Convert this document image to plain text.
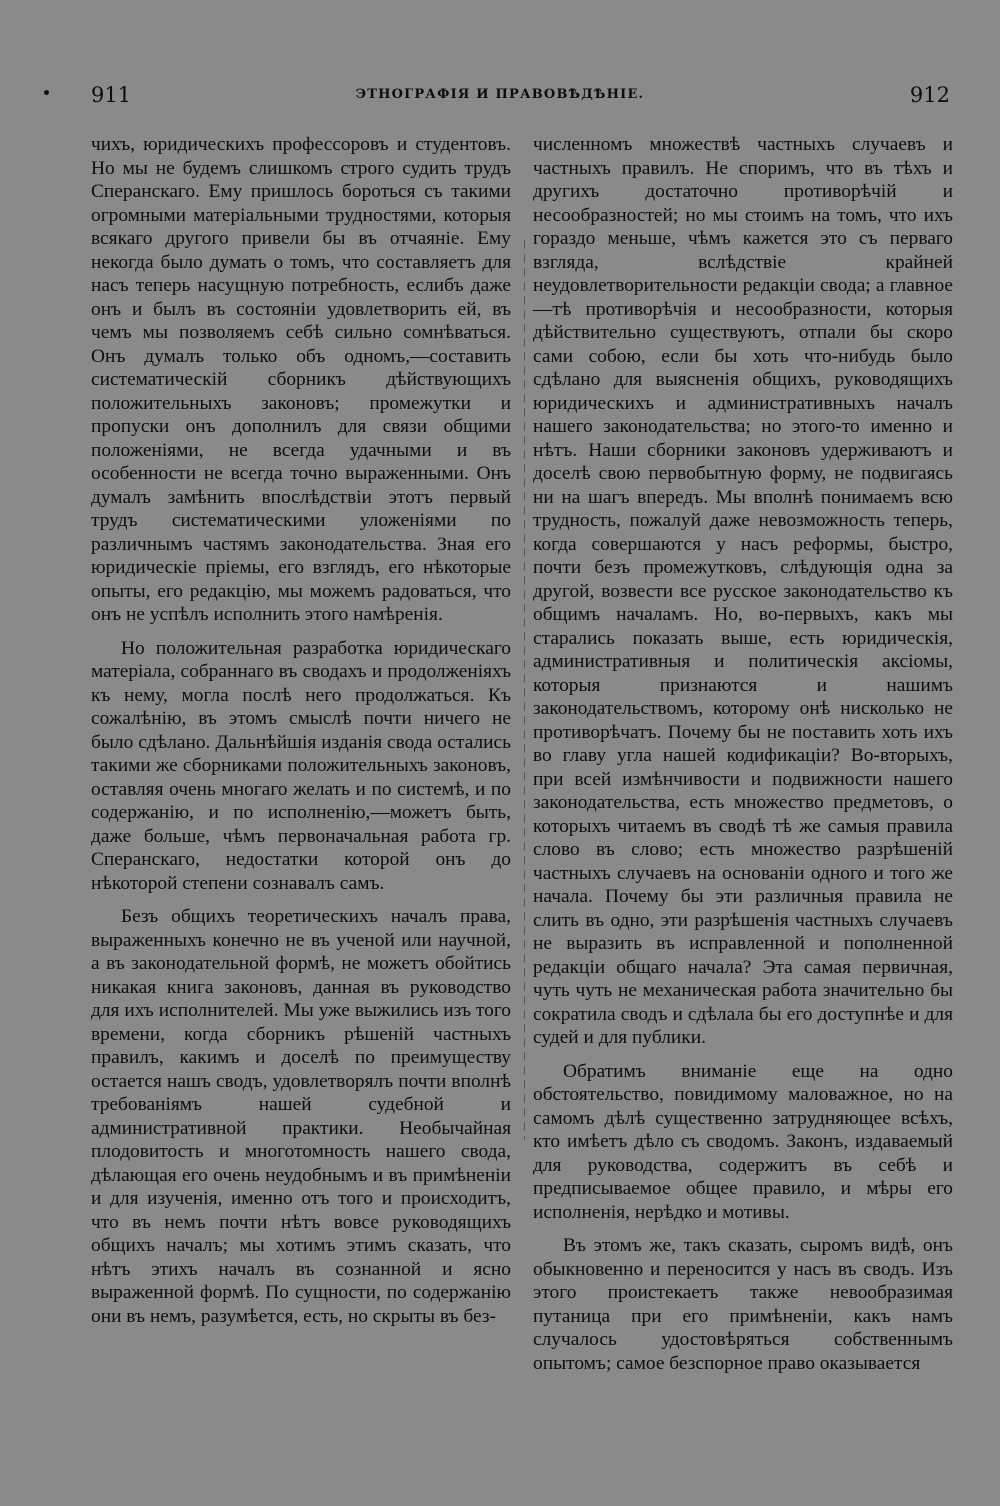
911	ЭТНОГРАФІЯ И ПРАВОВѢДѢНІЕ.	912

чихъ, юридическихъ профессоровъ и студентовъ. Но мы не будемъ слишкомъ строго судить трудъ Сперанскаго. Ему пришлось бороться съ такими огромными матеріальными трудностями, которыя всякаго другого привели бы въ отчаяніе. Ему некогда было думать о томъ, что составляетъ для насъ теперь насущную потребность, еслибъ даже онъ и былъ въ состояніи удовлетворить ей, въ чемъ мы позволяемъ себѣ сильно сомнѣваться. Онъ думалъ только объ одномъ,—составить систематическій сборникъ дѣйствующихъ положительныхъ законовъ; промежутки и пропуски онъ дополнилъ для связи общими положеніями, не всегда удачными и въ особенности не всегда точно выраженными. Онъ думалъ замѣнить впослѣдствіи этотъ первый трудъ систематическими уложеніями по различнымъ частямъ законодательства. Зная его юридическіе пріемы, его взглядъ, его нѣкоторые опыты, его редакцію, мы можемъ радоваться, что онъ не успѣлъ исполнить этого намѣренія.

Но положительная разработка юридическаго матеріала, собраннаго въ сводахъ и продолженіяхъ къ нему, могла послѣ него продолжаться. Къ сожалѣнію, въ этомъ смыслѣ почти ничего не было сдѣлано. Дальнѣйшія изданія свода остались такими же сборниками положительныхъ законовъ, оставляя очень многаго желать и по системѣ, и по содержанію, и по исполненію,—можетъ быть, даже больше, чѣмъ первоначальная работа гр. Сперанскаго, недостатки которой онъ до нѣкоторой степени сознавалъ самъ.

Безъ общихъ теоретическихъ началъ права, выраженныхъ конечно не въ ученой или научной, а въ законодательной формѣ, не можетъ обойтись никакая книга законовъ, данная въ руководство для ихъ исполнителей. Мы уже выжились изъ того времени, когда сборникъ рѣшеній частныхъ правилъ, какимъ и доселѣ по преимуществу остается нашъ сводъ, удовлетворялъ почти вполнѣ требованіямъ нашей судебной и административной практики. Необычайная плодовитость и многотомность нашего свода, дѣлающая его очень неудобнымъ и въ примѣненіи и для изученія, именно отъ того и происходитъ, что въ немъ почти нѣтъ вовсе руководящихъ общихъ началъ; мы хотимъ этимъ сказать, что нѣтъ этихъ началъ въ сознанной и ясно выраженной формѣ. По сущности, по содержанію они въ немъ, разумѣется, есть, но скрыты въ без-

численномъ множествѣ частныхъ случаевъ и частныхъ правилъ. Не споримъ, что въ тѣхъ и другихъ достаточно противорѣчій и несообразностей; но мы стоимъ на томъ, что ихъ гораздо меньше, чѣмъ кажется это съ перваго взгляда, вслѣдствіе крайней неудовлетворительности редакціи свода; а главное—тѣ противорѣчія и несообразности, которыя дѣйствительно существуютъ, отпали бы скоро сами собою, если бы хоть что-нибудь было сдѣлано для выясненія общихъ, руководящихъ юридическихъ и административныхъ началъ нашего законодательства; но этого-то именно и нѣтъ. Наши сборники законовъ удерживаютъ и доселѣ свою первобытную форму, не подвигаясь ни на шагъ впередъ. Мы вполнѣ понимаемъ всю трудность, пожалуй даже невозможность теперь, когда совершаются у насъ реформы, быстро, почти безъ промежутковъ, слѣдующія одна за другой, возвести все русское законодательство къ общимъ началамъ. Но, во-первыхъ, какъ мы старались показать выше, есть юридическія, административныя и политическія аксіомы, которыя признаются и нашимъ законодательствомъ, которому онѣ нисколько не противорѣчатъ. Почему бы не поставить хоть ихъ во главу угла нашей кодификаціи? Во-вторыхъ, при всей измѣнчивости и подвижности нашего законодательства, есть множество предметовъ, о которыхъ читаемъ въ сводѣ тѣ же самыя правила слово въ слово; есть множество разрѣшеній частныхъ случаевъ на основаніи одного и того же начала. Почему бы эти различныя правила не слить въ одно, эти разрѣшенія частныхъ случаевъ не выразить въ исправленной и пополненной редакціи общаго начала? Эта самая первичная, чуть чуть не механическая работа значительно бы сократила сводъ и сдѣлала бы его доступнѣе и для судей и для публики.

Обратимъ вниманіе еще на одно обстоятельство, повидимому маловажное, но на самомъ дѣлѣ существенно затрудняющее всѣхъ, кто имѣетъ дѣло съ сводомъ. Законъ, издаваемый для руководства, содержитъ въ себѣ и предписываемое общее правило, и мѣры его исполненія, нерѣдко и мотивы.

Въ этомъ же, такъ сказать, сыромъ видѣ, онъ обыкновенно и переносится у насъ въ сводъ. Изъ этого проистекаетъ также невообразимая путаница при его примѣненіи, какъ намъ случалось удостовѣряться собственнымъ опытомъ; самое безспорное право оказывается
